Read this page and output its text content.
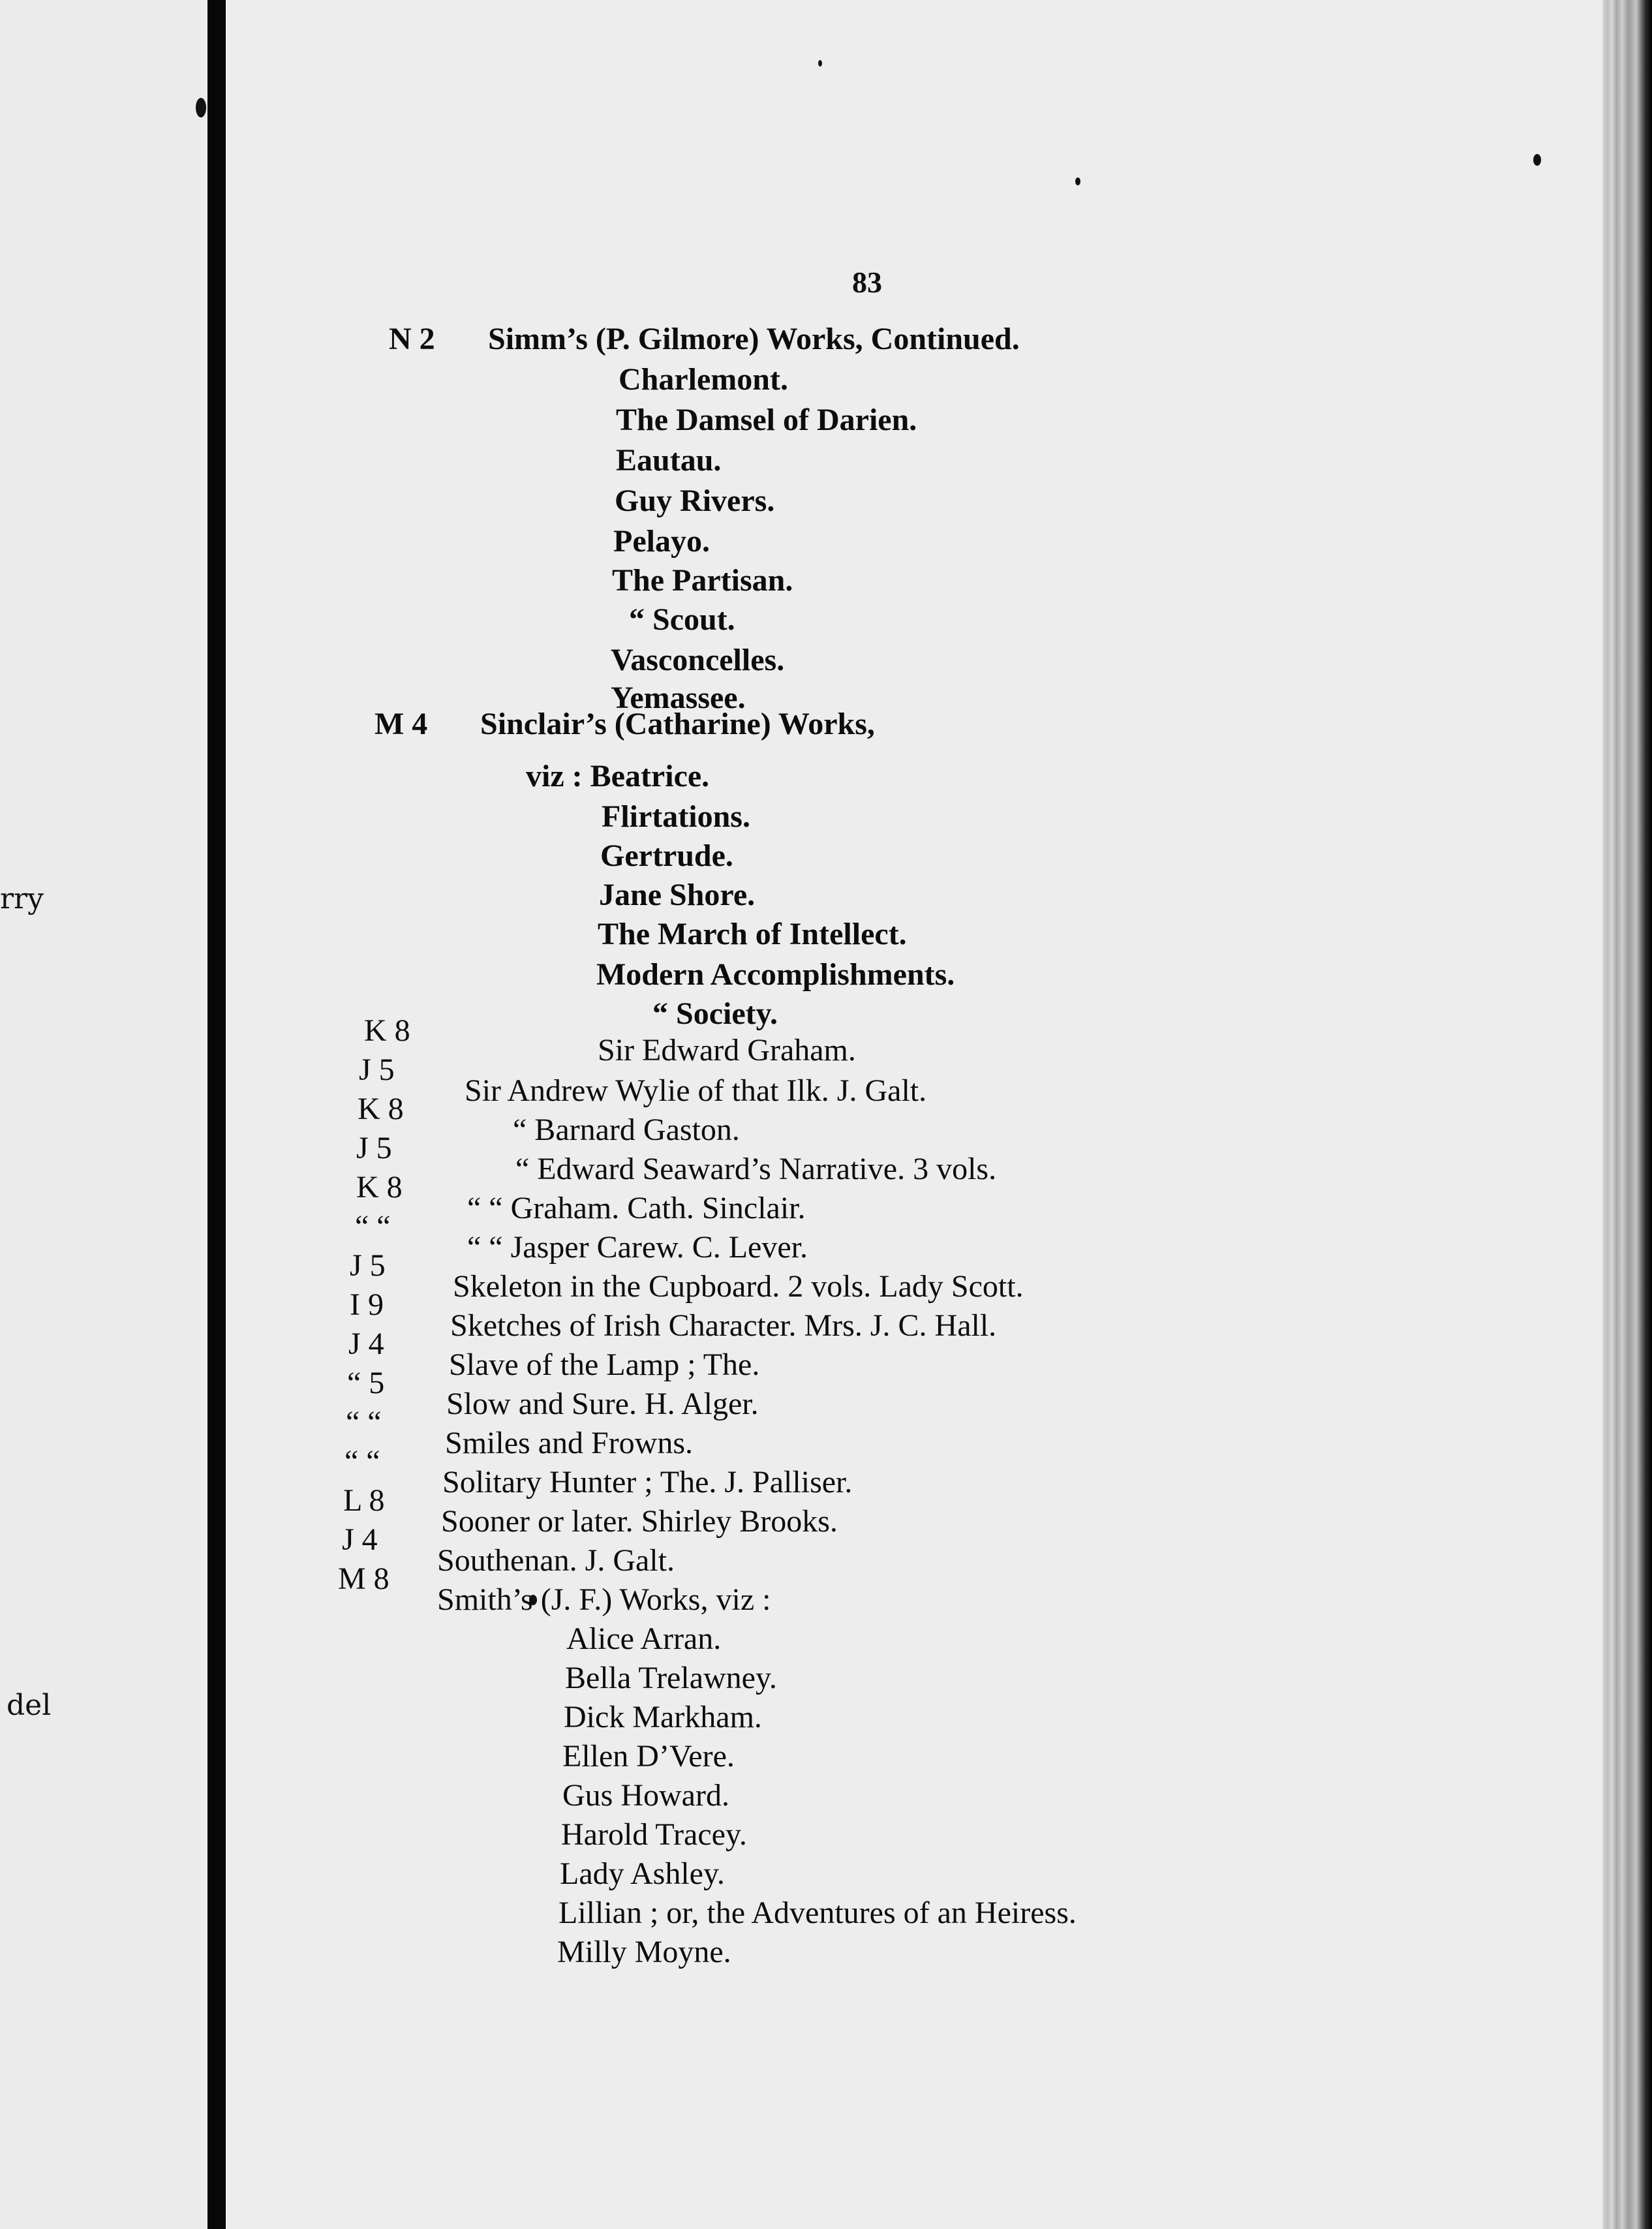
rry
del
83
N 2 Simm’s (P. Gilmore) Works, Continued.
Charlemont.
The Damsel of Darien.
Eautau.
Guy Rivers.
Pelayo.
The Partisan.
“ Scout.
Vasconcelles.
Yemassee.
M 4 Sinclair’s (Catharine) Works,
viz : Beatrice.
Flirtations.
Gertrude.
Jane Shore.
The March of Intellect.
Modern Accomplishments.
“ Society.
K 8
Sir Edward Graham.
J 5
Sir Andrew Wylie of that Ilk. J. Galt.
K 8
“ Barnard Gaston.
J 5
“ Edward Seaward’s Narrative. 3 vols.
K 8
“ “ Graham. Cath. Sinclair.
“ “
“ “ Jasper Carew. C. Lever.
J 5
Skeleton in the Cupboard. 2 vols. Lady Scott.
I 9
Sketches of Irish Character. Mrs. J. C. Hall.
J 4
Slave of the Lamp ; The.
“ 5
Slow and Sure. H. Alger.
“ “
Smiles and Frowns.
“ “
Solitary Hunter ; The. J. Palliser.
L 8
Sooner or later. Shirley Brooks.
J 4
Southenan. J. Galt.
M 8
Smith’s (J. F.) Works, viz :
Alice Arran.
Bella Trelawney.
Dick Markham.
Ellen D’Vere.
Gus Howard.
Harold Tracey.
Lady Ashley.
Lillian ; or, the Adventures of an Heiress.
Milly Moyne.
